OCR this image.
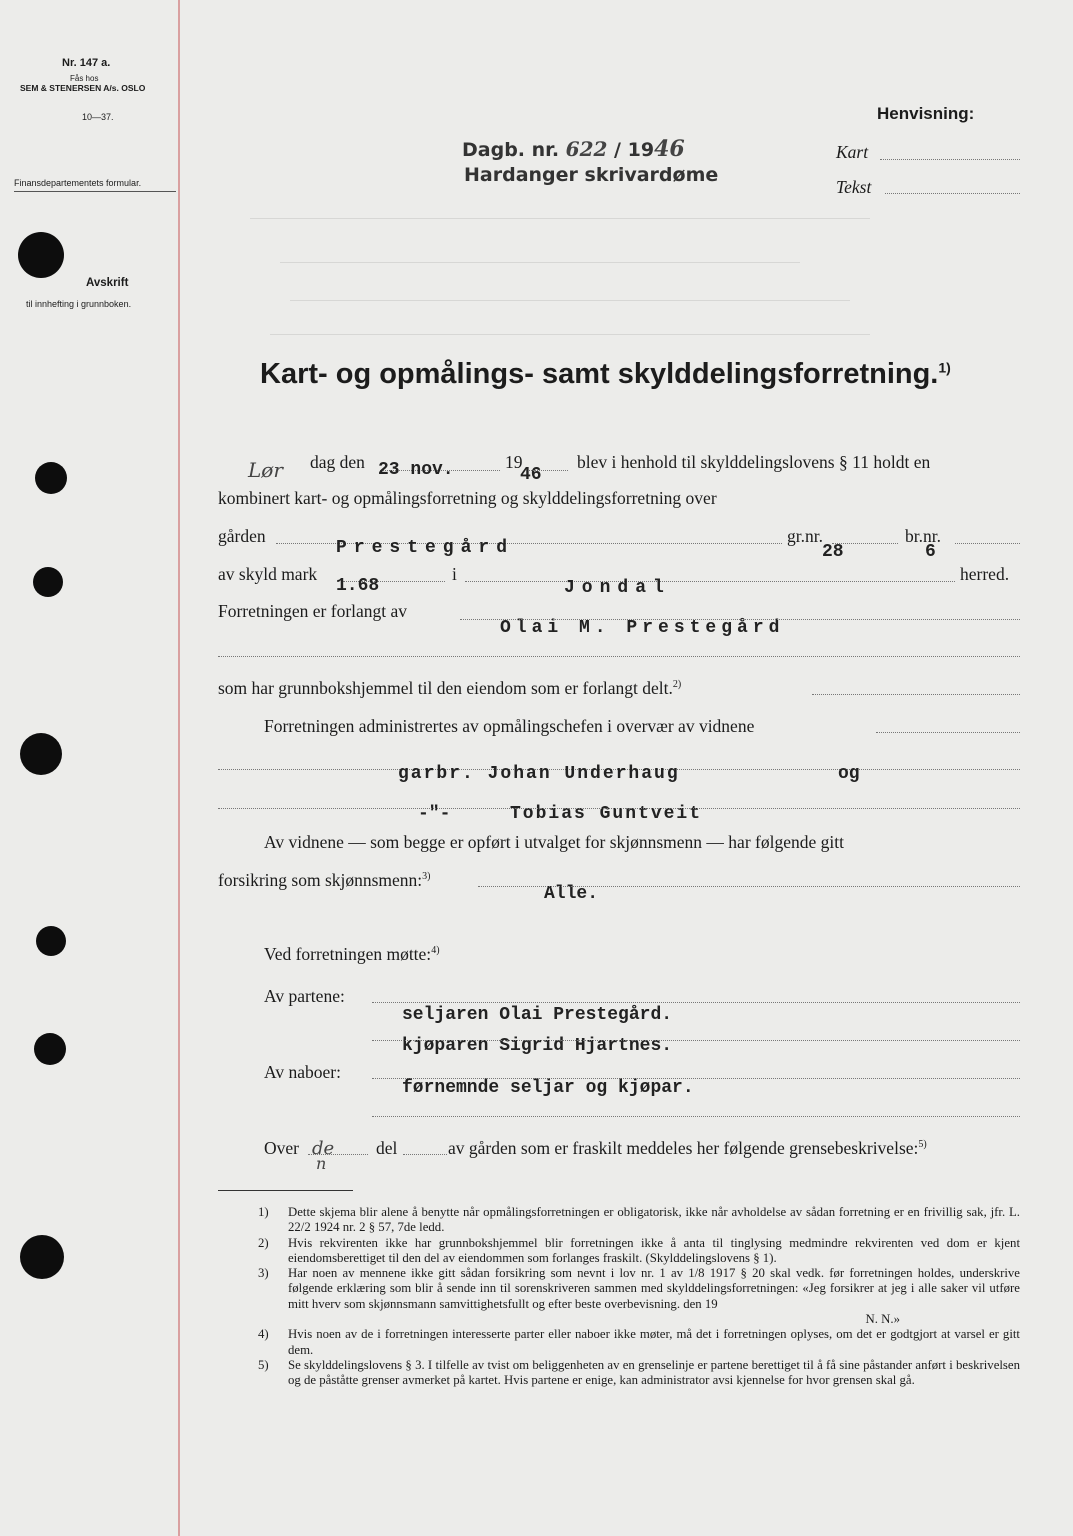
Nr. 147 a.
Fås hos
SEM & STENERSEN A/s. OSLO
10—37.
Finansdepartementets formular.
Avskrift
til innhefting i grunnboken.
Dagb. nr. 622 / 1946
Hardanger skrivardøme
Henvisning:
Kart
Tekst
Kart- og opmålings- samt skylddelingsforretning.$^{1)}$
Lør dag den 23 nov.	19
46
blev i henhold til skylddelingslovens § 11 holdt en
kombinert kart- og opmålingsforretning og skylddelingsforretning over
gården
Prestegård
gr.nr.
28
br.nr.
6
av skyld mark
1.68
i
Jondal
herred.
Forretningen er forlangt av
Olai M. Prestegård
som har grunnbokshjemmel til den eiendom som er forlangt delt.$^{2)}$
Forretningen administrertes av opmålingschefen i overvær av vidnene
garbr. Johan Underhaug	og
-"-	Tobias Guntveit
Av vidnene — som begge er opført i utvalget for skjønnsmenn — har følgende gitt
forsikring som skjønnsmenn:$^{3)}$
Alle.
Ved forretningen møtte:$^{4)}$
Av partene:
seljaren Olai Prestegård.
kjøparen Sigrid Hjartnes.
Av naboer:
førnemnde seljar og kjøpar.
Over de
n
del	av gården som er fraskilt meddeles her følgende grensebeskrivelse:$^{5)}$
1) Dette skjema blir alene å benytte når opmålingsforretningen er obligatorisk, ikke når avholdelse av sådan forretning er en frivillig sak, jfr. L. 22/2 1924 nr. 2 § 57, 7de ledd.
2) Hvis rekvirenten ikke har grunnbokshjemmel blir forretningen ikke å anta til tinglysing medmindre rekvirenten ved dom er kjent eiendomsberettiget til den del av eiendommen som forlanges fraskilt. (Skylddelingslovens § 1).
3) Har noen av mennene ikke gitt sådan forsikring som nevnt i lov nr. 1 av 1/8 1917 § 20 skal vedk. før forretningen holdes, underskrive følgende erklæring som blir å sende inn til sorenskriveren sammen med skylddelingsforretningen: «Jeg forsikrer at jeg i alle saker vil utføre mitt hverv som skjønnsmann samvittighetsfullt og efter beste overbevisning. den 19
N. N.»
4) Hvis noen av de i forretningen interesserte parter eller naboer ikke møter, må det i forretningen oplyses, om det er godtgjort at varsel er gitt dem.
5) Se skylddelingslovens § 3. I tilfelle av tvist om beliggenheten av en grenselinje er partene berettiget til å få sine påstander anført i beskrivelsen og de påståtte grenser avmerket på kartet. Hvis partene er enige, kan administrator avsi kjennelse for hvor grensen skal gå.
